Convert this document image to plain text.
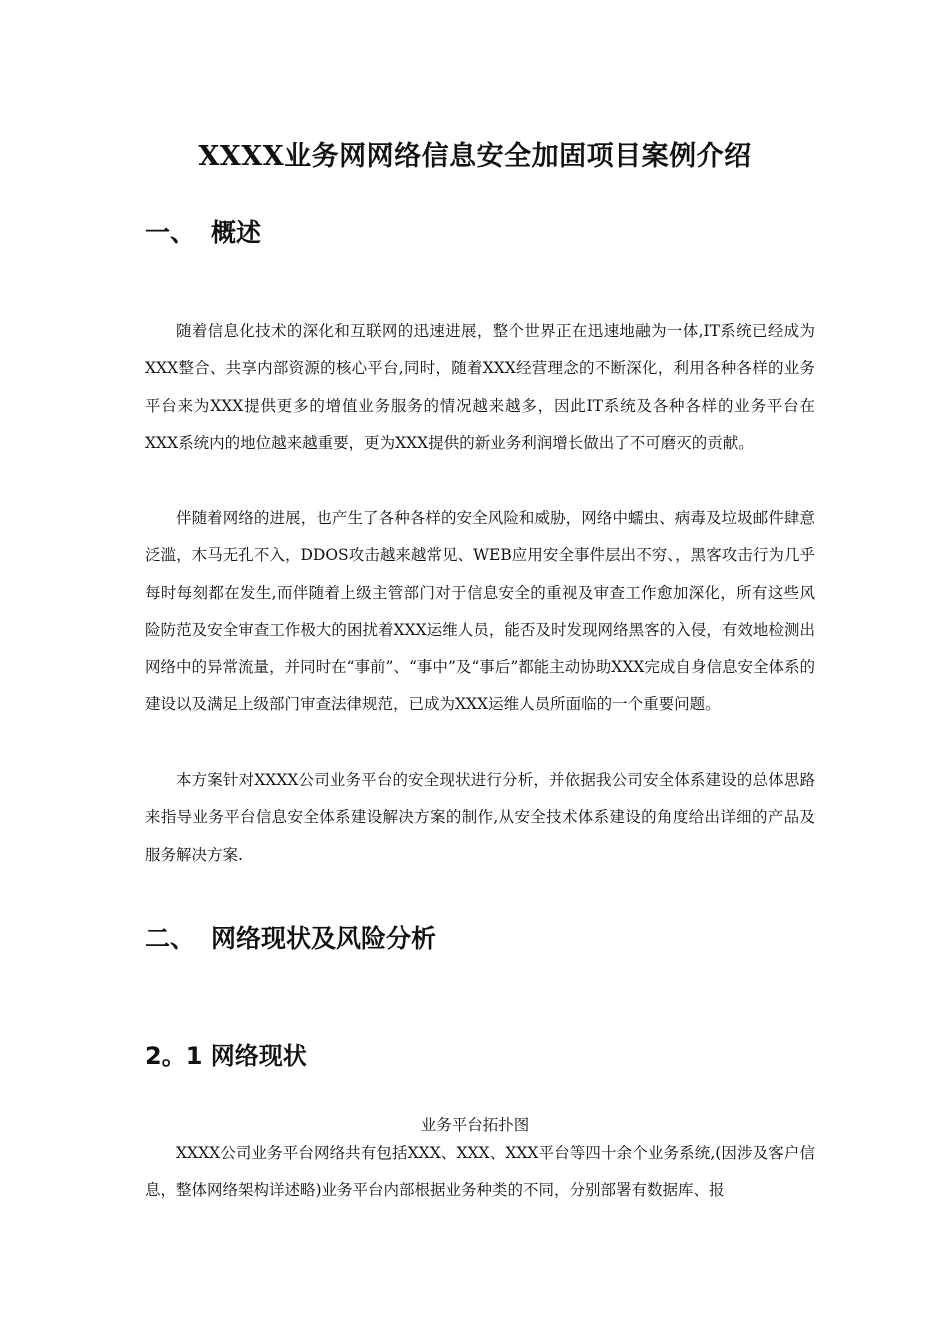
XXXX业务网网络信息安全加固项目案例介绍
一、 概述

随着信息化技术的深化和互联网的迅速进展，整个世界正在迅速地融为一体,IT系统已经成为XXX整合、共享内部资源的核心平台,同时，随着XXX经营理念的不断深化，利用各种各样的业务平台来为XXX提供更多的增值业务服务的情况越来越多，因此IT系统及各种各样的业务平台在XXX系统内的地位越来越重要，更为XXX提供的新业务利润增长做出了不可磨灭的贡献。

伴随着网络的进展，也产生了各种各样的安全风险和威胁，网络中蠕虫、病毒及垃圾邮件肆意泛滥，木马无孔不入，DDOS攻击越来越常见、WEB应用安全事件层出不穷、，黑客攻击行为几乎每时每刻都在发生,而伴随着上级主管部门对于信息安全的重视及审查工作愈加深化，所有这些风险防范及安全审查工作极大的困扰着XXX运维人员，能否及时发现网络黑客的入侵，有效地检测出网络中的异常流量，并同时在“事前”、“事中”及“事后”都能主动协助XXX完成自身信息安全体系的建设以及满足上级部门审查法律规范，已成为XXX运维人员所面临的一个重要问题。

本方案针对XXXX公司业务平台的安全现状进行分析，并依据我公司安全体系建设的总体思路来指导业务平台信息安全体系建设解决方案的制作,从安全技术体系建设的角度给出详细的产品及服务解决方案.

二、 网络现状及风险分析
2。1 网络现状
业务平台拓扑图

XXXX公司业务平台网络共有包括XXX、XXX、XXX平台等四十余个业务系统,(因涉及客户信息，整体网络架构详述略)业务平台内部根据业务种类的不同，分别部署有数据库、报
